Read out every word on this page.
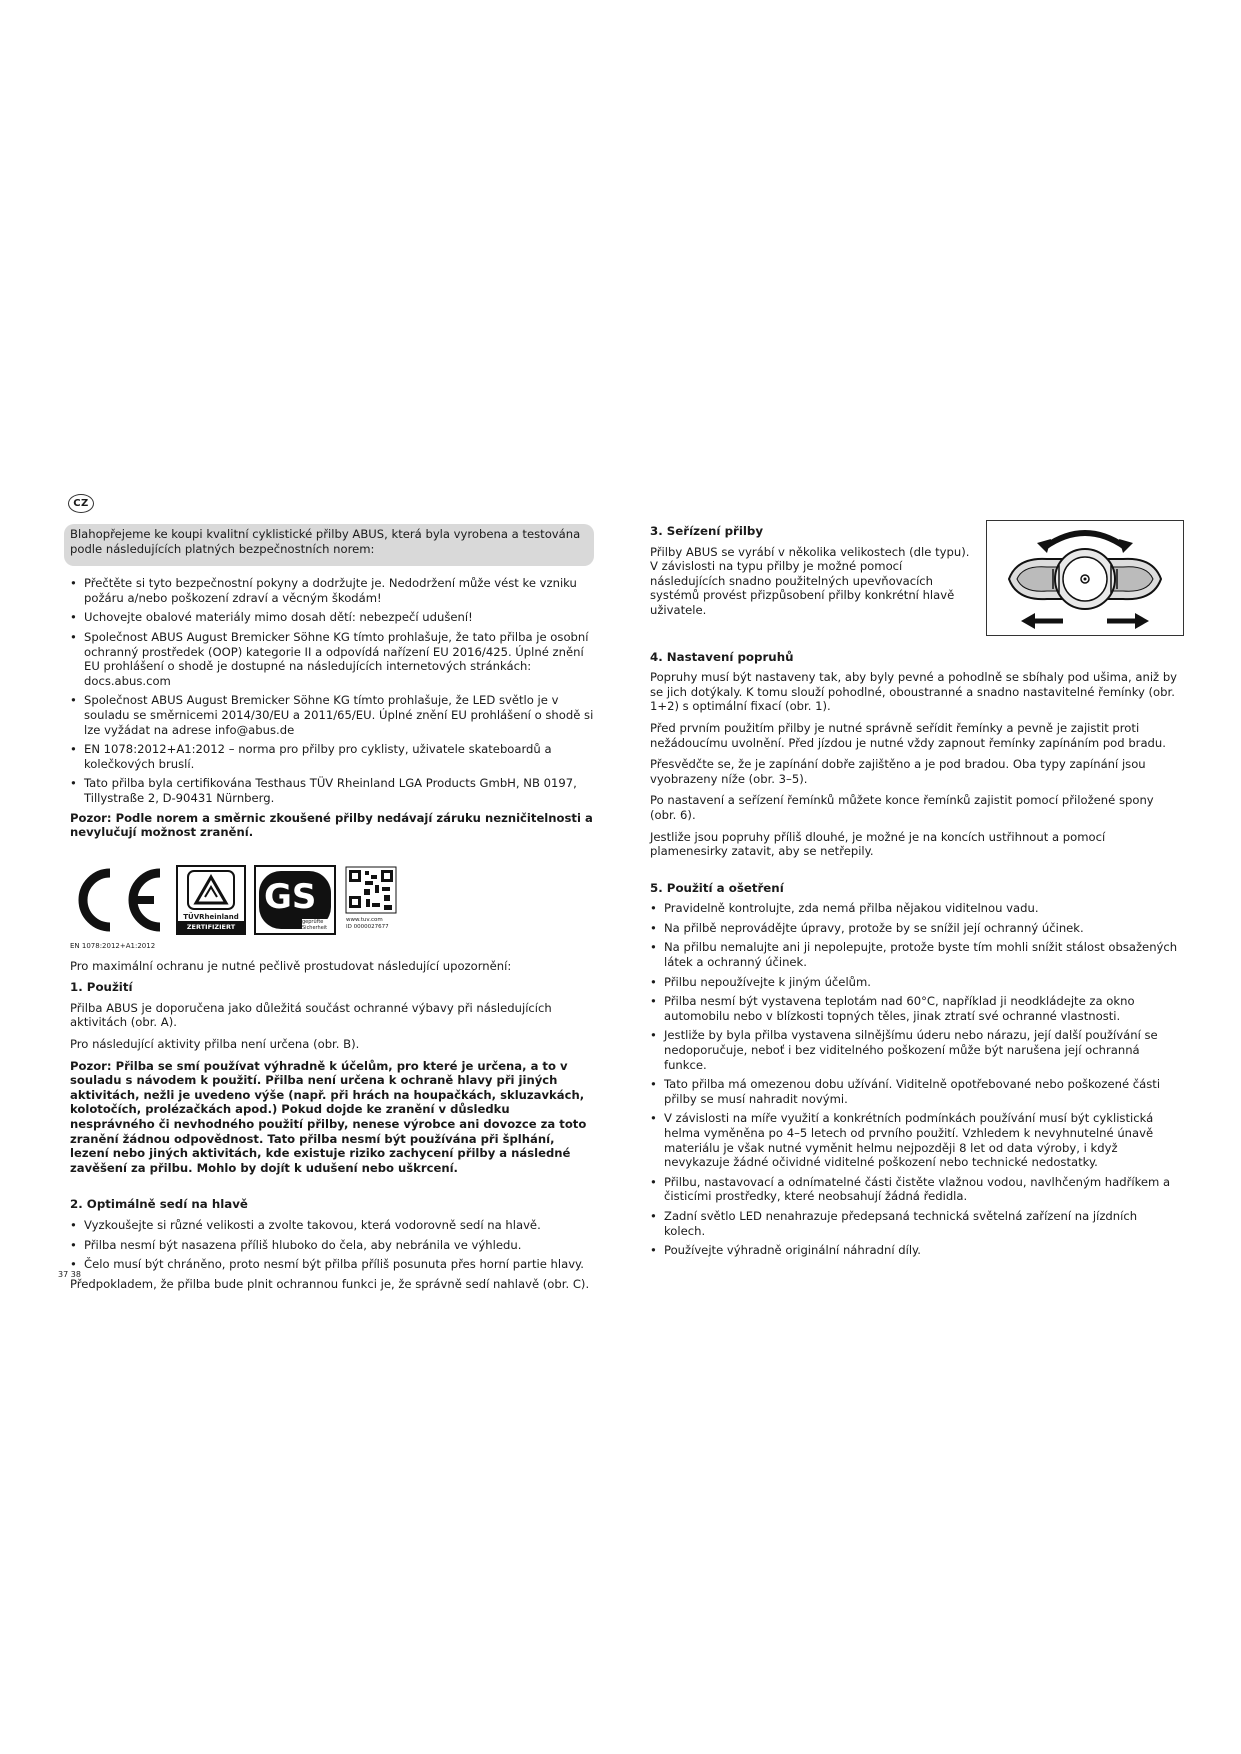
CZ
Blahopřejeme ke koupi kvalitní cyklistické přilby ABUS, která byla vyrobena a testována podle následujících platných bezpečnostních norem:
• Přečtěte si tyto bezpečnostní pokyny a dodržujte je. Nedodržení může vést ke vzniku požáru a/nebo poškození zdraví a věcným škodám!
• Uchovejte obalové materiály mimo dosah dětí: nebezpečí udušení!
• Společnost ABUS August Bremicker Söhne KG tímto prohlašuje, že tato přilba je osobní ochranný prostředek (OOP) kategorie II a odpovídá nařízení EU 2016/425. Úplné znění EU prohlášení o shodě je dostupné na následujících internetových stránkách: docs.abus.com
• Společnost ABUS August Bremicker Söhne KG tímto prohlašuje, že LED světlo je v souladu se směrnicemi 2014/30/EU a 2011/65/EU. Úplné znění EU prohlášení o shodě si lze vyžádat na adrese info@abus.de
• EN 1078:2012+A1:2012 – norma pro přilby pro cyklisty, uživatele skateboardů a kolečkových bruslí.
• Tato přilba byla certifikována Testhaus TÜV Rheinland LGA Products GmbH, NB 0197, Tillystraße 2, D-90431 Nürnberg.

Pozor: Podle norem a směrnic zkoušené přilby nedávají záruku nezničitelnosti a nevylučují možnost zranění.

TÜVRheinland
ZERTIFIZIERT
GS
geprüfte Sicherheit
www.tuv.com
ID 0000027677

EN 1078:2012+A1:2012

Pro maximální ochranu je nutné pečlivě prostudovat následující upozornění:

1. Použití

Přilba ABUS je doporučena jako důležitá součást ochranné výbavy při následujících aktivitách (obr. A).

Pro následující aktivity přilba není určena (obr. B).

Pozor: Přilba se smí používat výhradně k účelům, pro které je určena, a to v souladu s návodem k použití. Přilba není určena k ochraně hlavy při jiných aktivitách, nežli je uvedeno výše (např. při hrách na houpačkách, skluzavkách, kolotočích, prolézačkách apod.) Pokud dojde ke zranění v důsledku nesprávného či nevhodného použití přilby, nenese výrobce ani dovozce za toto zranění žádnou odpovědnost. Tato přilba nesmí být používána při šplhání, lezení nebo jiných aktivitách, kde existuje riziko zachycení přilby a následné zavěšení za přilbu. Mohlo by dojít k udušení nebo uškrcení.

2. Optimálně sedí na hlavě
• Vyzkoušejte si různé velikosti a zvolte takovou, která vodorovně sedí na hlavě.
• Přilba nesmí být nasazena příliš hluboko do čela, aby nebránila ve výhledu.
• Čelo musí být chráněno, proto nesmí být přilba příliš posunuta přes horní partie hlavy.

Předpokladem, že přilba bude plnit ochrannou funkci je, že správně sedí nahlavě (obr. C).

3. Seřízení přilby

Přilby ABUS se vyrábí v několika velikostech (dle typu). V závislosti na typu přilby je možné pomocí následujících snadno použitelných upevňovacích systémů provést přizpůsobení přilby konkrétní hlavě uživatele.

4. Nastavení popruhů

Popruhy musí být nastaveny tak, aby byly pevné a pohodlně se sbíhaly pod ušima, aniž by se jich dotýkaly. K tomu slouží pohodlné, oboustranné a snadno nastavitelné řemínky (obr. 1+2) s optimální fixací (obr. 1).

Před prvním použitím přilby je nutné správně seřídit řemínky a pevně je zajistit proti nežádoucímu uvolnění. Před jízdou je nutné vždy zapnout řemínky zapínáním pod bradu.

Přesvědčte se, že je zapínání dobře zajištěno a je pod bradou. Oba typy zapínání jsou vyobrazeny níže (obr. 3–5).

Po nastavení a seřízení řemínků můžete konce řemínků zajistit pomocí přiložené spony (obr. 6).

Jestliže jsou popruhy příliš dlouhé, je možné je na koncích ustřihnout a pomocí plamenesirky zatavit, aby se netřepily.

5. Použití a ošetření
• Pravidelně kontrolujte, zda nemá přilba nějakou viditelnou vadu.
• Na přilbě neprovádějte úpravy, protože by se snížil její ochranný účinek.
• Na přilbu nemalujte ani ji nepolepujte, protože byste tím mohli snížit stálost obsažených látek a ochranný účinek.
• Přilbu nepoužívejte k jiným účelům.
• Přilba nesmí být vystavena teplotám nad 60°C, například ji neodkládejte za okno automobilu nebo v blízkosti topných těles, jinak ztratí své ochranné vlastnosti.
• Jestliže by byla přilba vystavena silnějšímu úderu nebo nárazu, její další používání se nedoporučuje, neboť i bez viditelného poškození může být narušena její ochranná funkce.
• Tato přilba má omezenou dobu užívání. Viditelně opotřebované nebo poškozené části přilby se musí nahradit novými.
• V závislosti na míře využití a konkrétních podmínkách používání musí být cyklistická helma vyměněna po 4–5 letech od prvního použití. Vzhledem k nevyhnutelné únavě materiálu je však nutné vyměnit helmu nejpozději 8 let od data výroby, i když nevykazuje žádné očividné viditelné poškození nebo technické nedostatky.
• Přilbu, nastavovací a odnímatelné části čistěte vlažnou vodou, navlhčeným hadříkem a čisticími prostředky, které neobsahují žádná ředidla.
• Zadní světlo LED nenahrazuje předepsaná technická světelná zařízení na jízdních kolech.
• Používejte výhradně originální náhradní díly.
37 38
